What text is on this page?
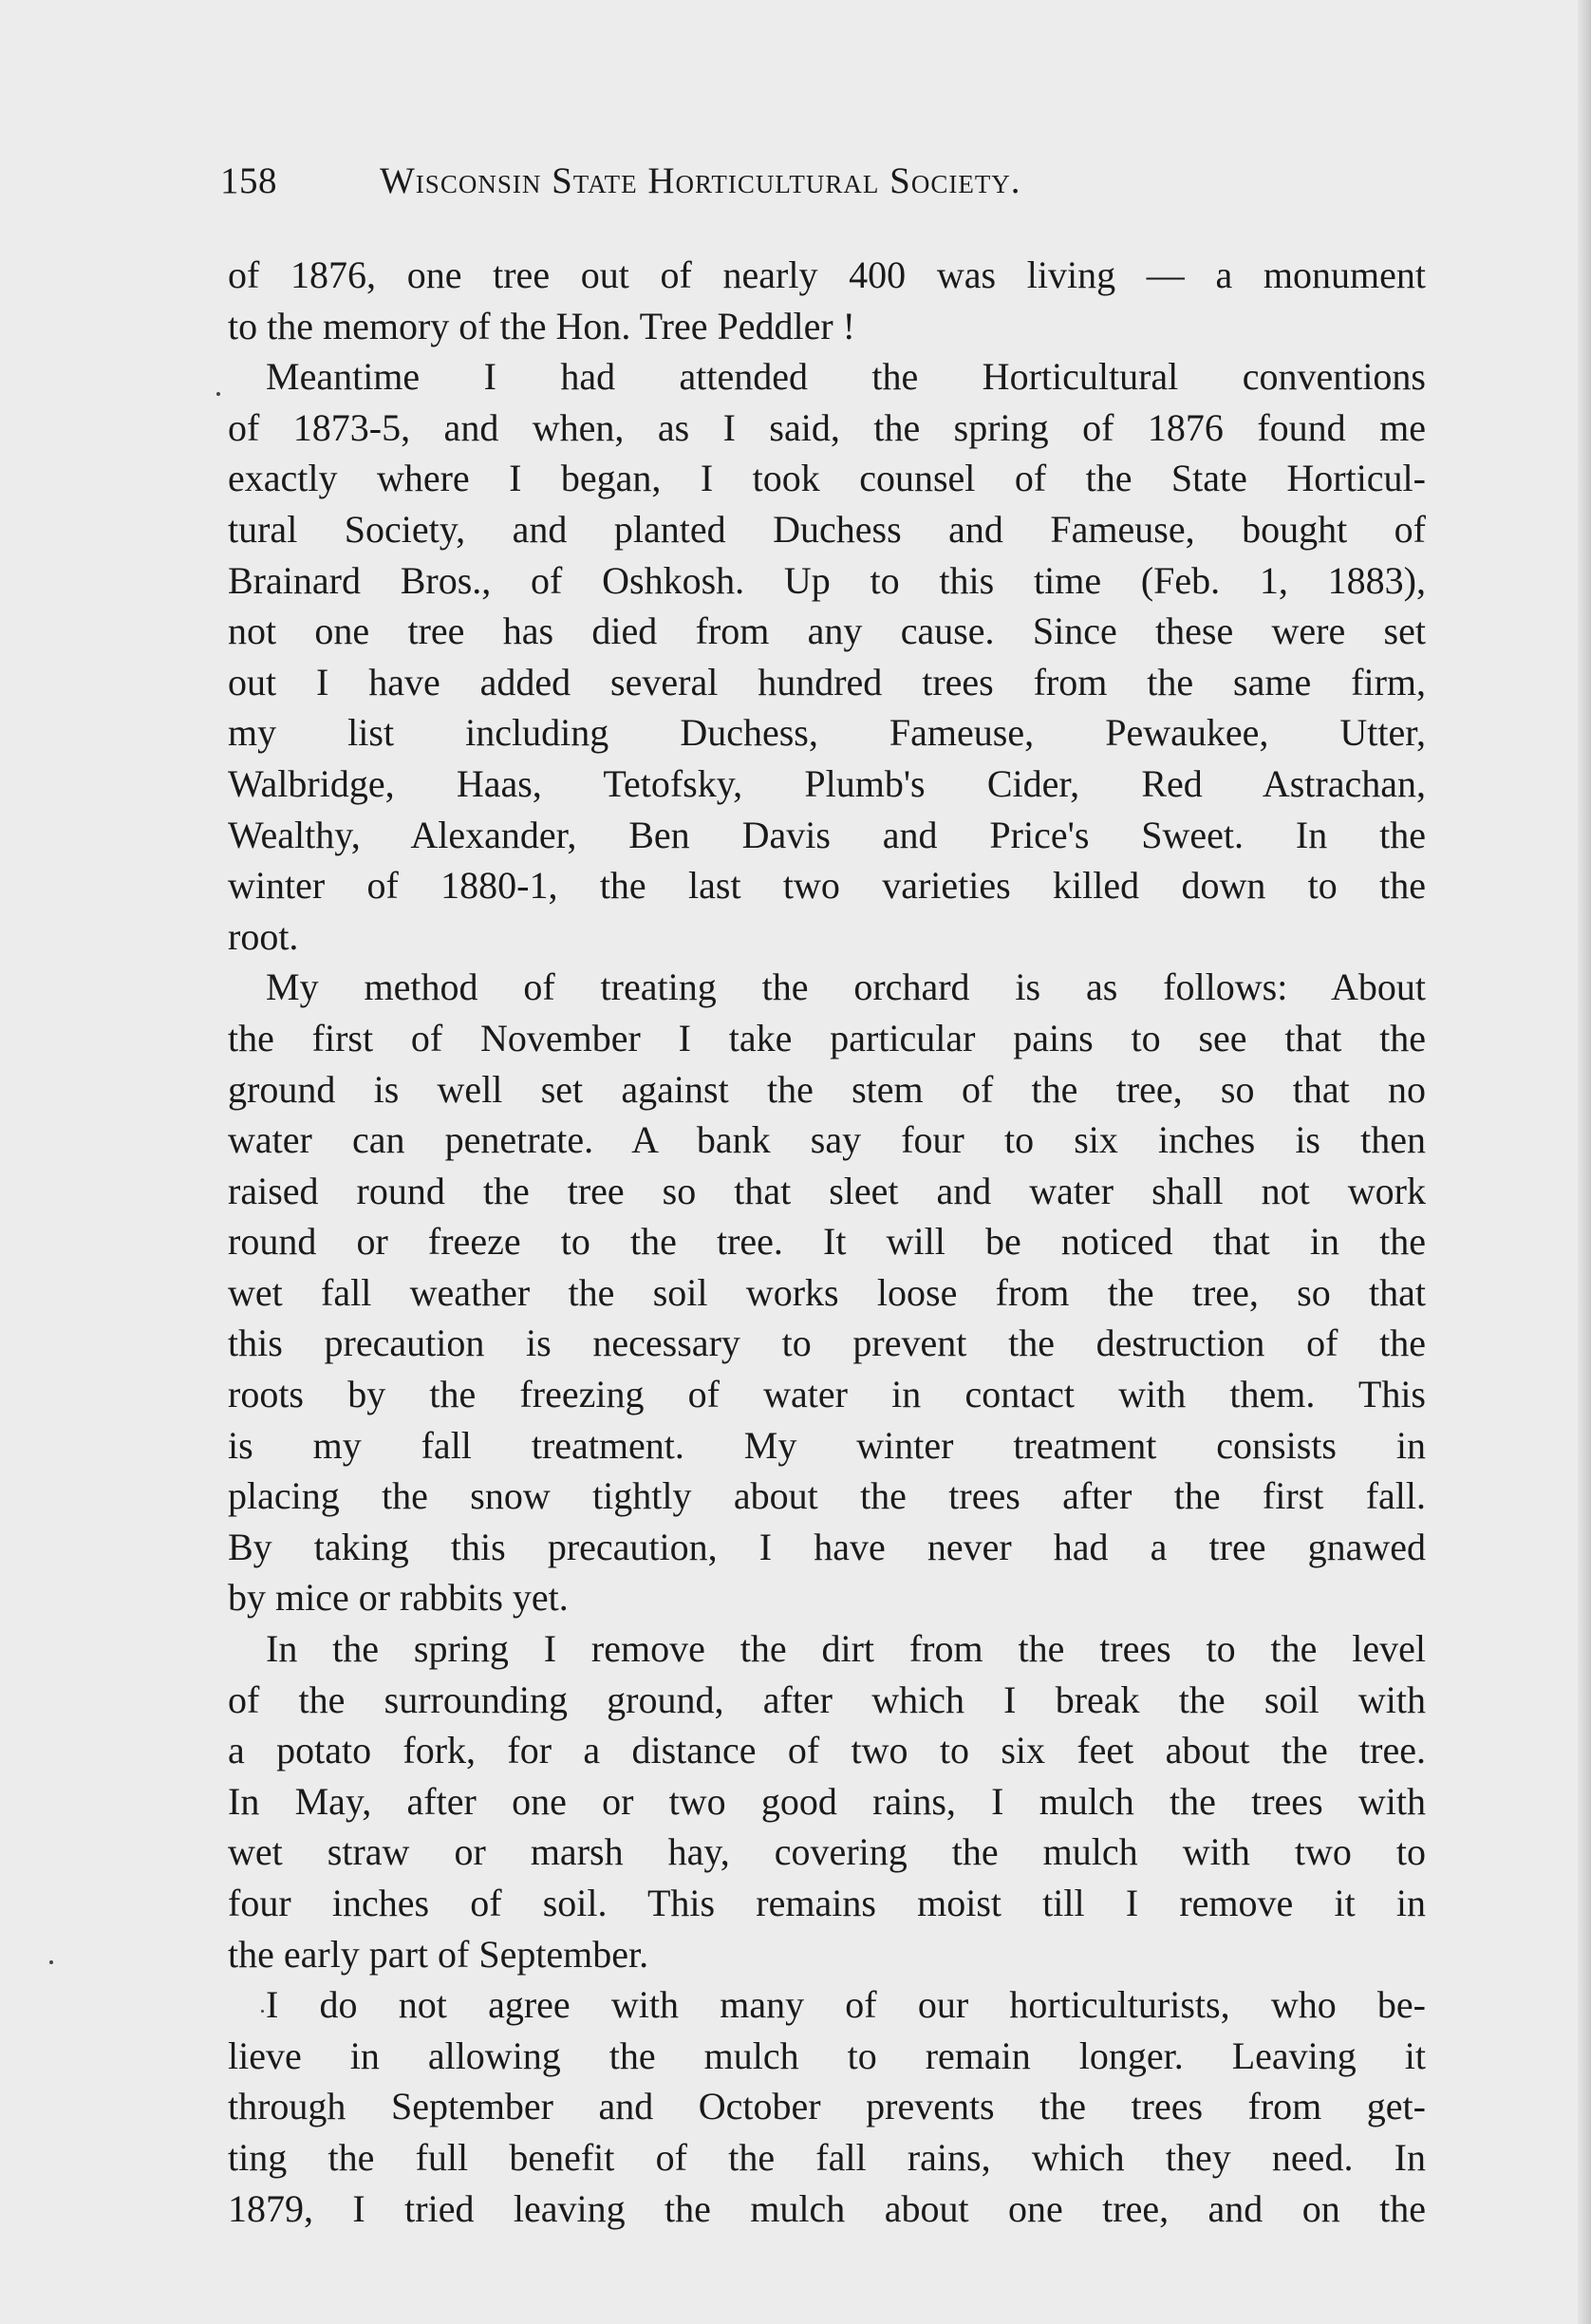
158	Wisconsin State Horticultural Society.
of 1876, one tree out of nearly 400 was living — a monument
to the memory of the Hon. Tree Peddler !
Meantime I had attended the Horticultural conventions
of 1873-5, and when, as I said, the spring of 1876 found me
exactly where I began, I took counsel of the State Horticul-
tural Society, and planted Duchess and Fameuse, bought of
Brainard Bros., of Oshkosh. Up to this time (Feb. 1, 1883),
not one tree has died from any cause. Since these were set
out I have added several hundred trees from the same firm,
my list including Duchess, Fameuse, Pewaukee, Utter,
Walbridge, Haas, Tetofsky, Plumb's Cider, Red Astrachan,
Wealthy, Alexander, Ben Davis and Price's Sweet. In the
winter of 1880-1, the last two varieties killed down to the
root.
My method of treating the orchard is as follows: About
the first of November I take particular pains to see that the
ground is well set against the stem of the tree, so that no
water can penetrate. A bank say four to six inches is then
raised round the tree so that sleet and water shall not work
round or freeze to the tree. It will be noticed that in the
wet fall weather the soil works loose from the tree, so that
this precaution is necessary to prevent the destruction of the
roots by the freezing of water in contact with them. This
is my fall treatment. My winter treatment consists in
placing the snow tightly about the trees after the first fall.
By taking this precaution, I have never had a tree gnawed
by mice or rabbits yet.
In the spring I remove the dirt from the trees to the level
of the surrounding ground, after which I break the soil with
a potato fork, for a distance of two to six feet about the tree.
In May, after one or two good rains, I mulch the trees with
wet straw or marsh hay, covering the mulch with two to
four inches of soil. This remains moist till I remove it in
the early part of September.
I do not agree with many of our horticulturists, who be-
lieve in allowing the mulch to remain longer. Leaving it
through September and October prevents the trees from get-
ting the full benefit of the fall rains, which they need. In
1879, I tried leaving the mulch about one tree, and on the
